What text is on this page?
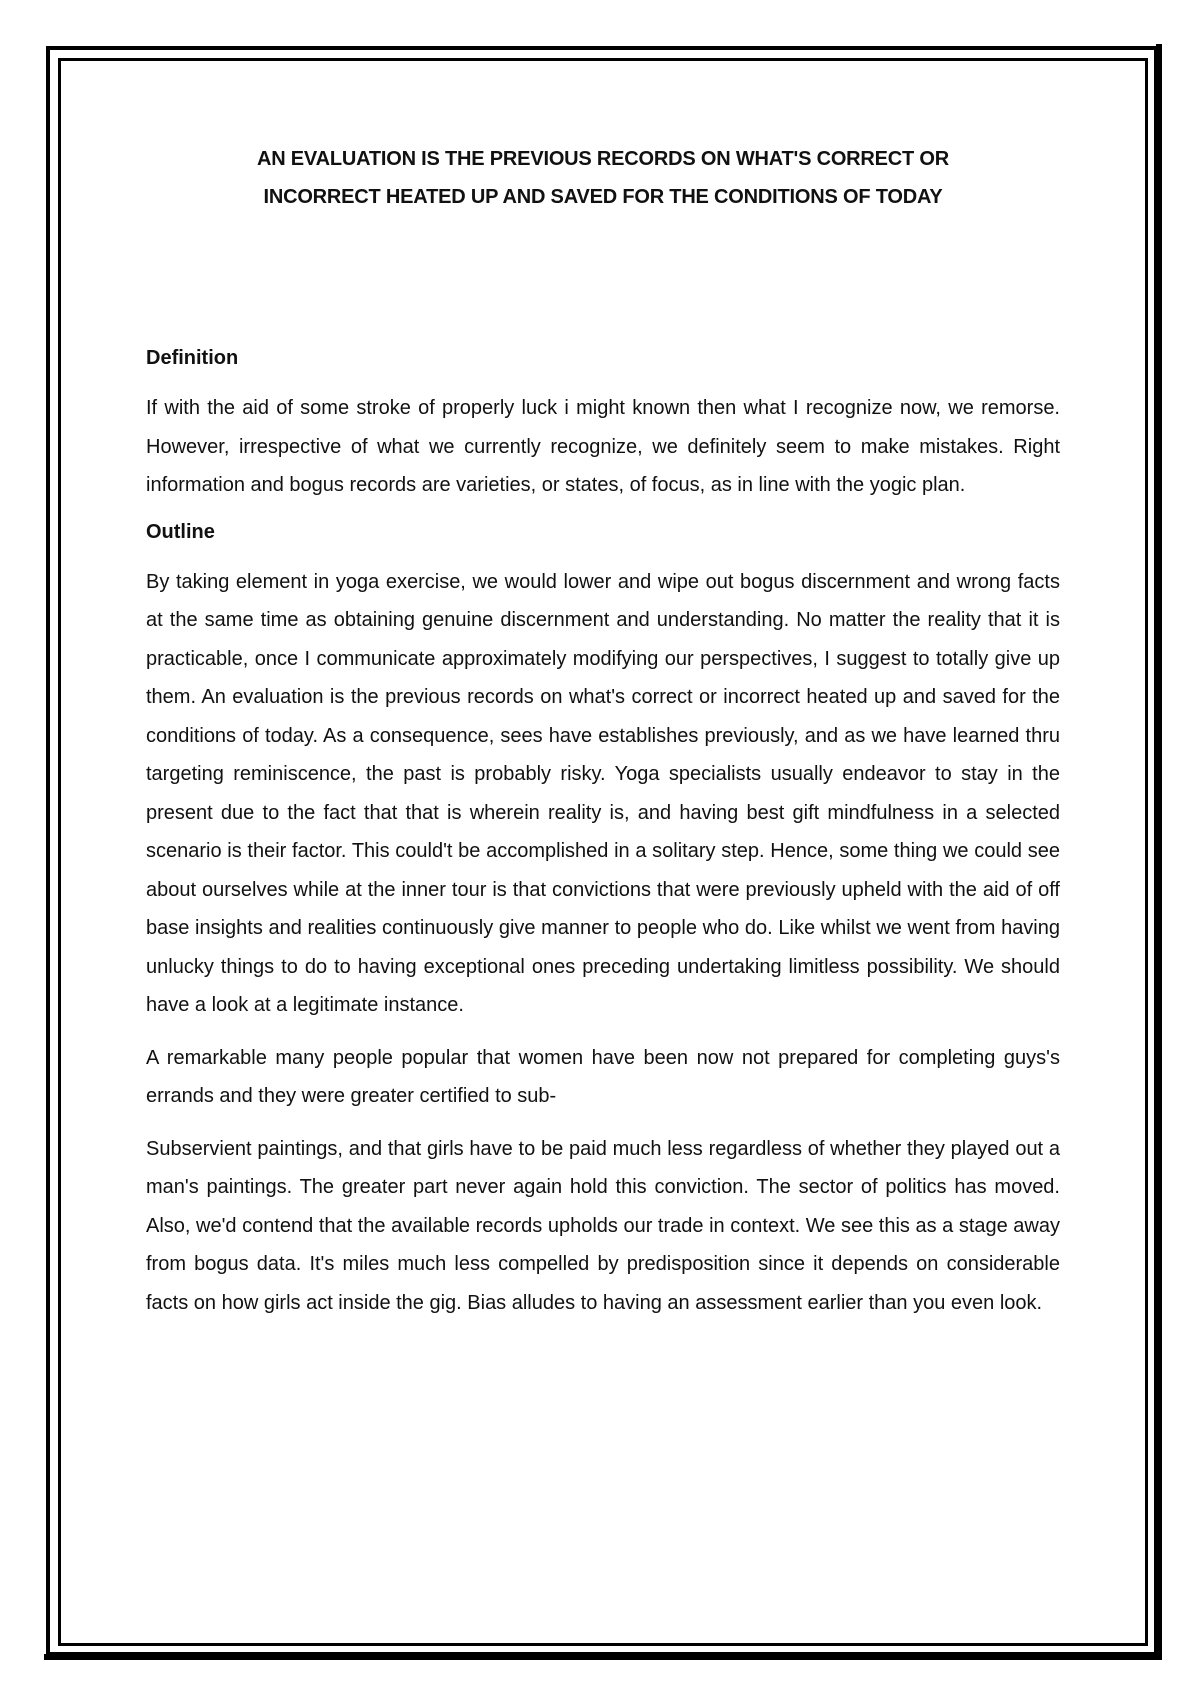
AN EVALUATION IS THE PREVIOUS RECORDS ON WHAT'S CORRECT OR
INCORRECT HEATED UP AND SAVED FOR THE CONDITIONS OF TODAY
Definition

If with the aid of some stroke of properly luck i might known then what I recognize now, we remorse. However, irrespective of what we currently recognize, we definitely seem to make mistakes. Right information and bogus records are varieties, or states, of focus, as in line with the yogic plan.

Outline

By taking element in yoga exercise, we would lower and wipe out bogus discernment and wrong facts at the same time as obtaining genuine discernment and understanding. No matter the reality that it is practicable, once I communicate approximately modifying our perspectives, I suggest to totally give up them. An evaluation is the previous records on what's correct or incorrect heated up and saved for the conditions of today. As a consequence, sees have establishes previously, and as we have learned thru targeting reminiscence, the past is probably risky. Yoga specialists usually endeavor to stay in the present due to the fact that that is wherein reality is, and having best gift mindfulness in a selected scenario is their factor. This could't be accomplished in a solitary step. Hence, some thing we could see about ourselves while at the inner tour is that convictions that were previously upheld with the aid of off base insights and realities continuously give manner to people who do. Like whilst we went from having unlucky things to do to having exceptional ones preceding undertaking limitless possibility. We should have a look at a legitimate instance.

A remarkable many people popular that women have been now not prepared for completing guys's errands and they were greater certified to sub-

Subservient paintings, and that girls have to be paid much less regardless of whether they played out a man's paintings. The greater part never again hold this conviction. The sector of politics has moved. Also, we'd contend that the available records upholds our trade in context. We see this as a stage away from bogus data. It's miles much less compelled by predisposition since it depends on considerable facts on how girls act inside the gig. Bias alludes to having an assessment earlier than you even look.
